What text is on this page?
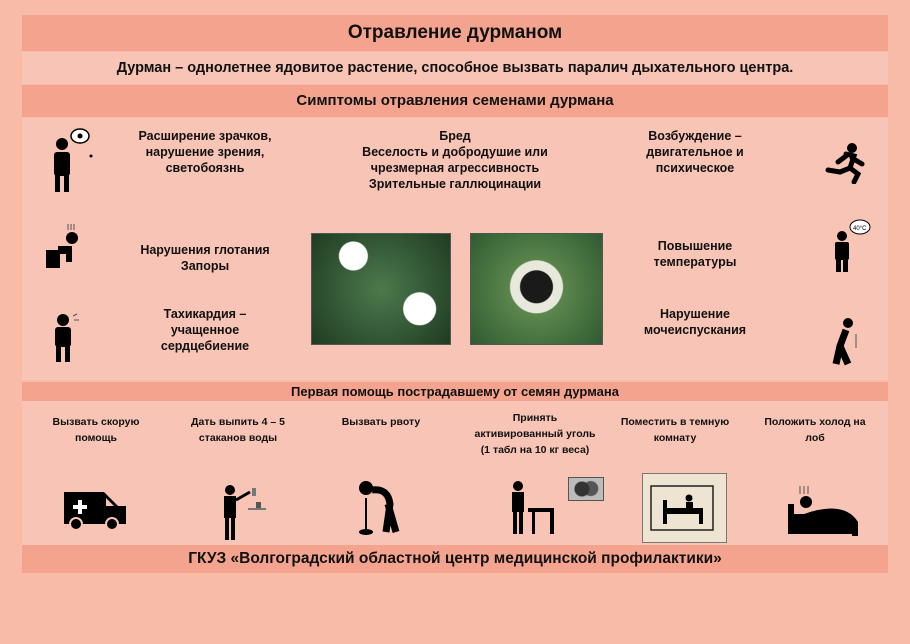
Отравление дурманом
Дурман – однолетнее ядовитое растение, способное вызвать паралич дыхательного центра.
Симптомы отравления семенами дурмана
Расширение зрачков,
нарушение зрения,
светобоязнь
Бред
Веселость и добродушие или
чрезмерная агрессивность
Зрительные галлюцинации
Возбуждение –
двигательное и
психическое
Нарушения глотания
Запоры
Повышение
температуры
40°C
Тахикардия –
учащенное
сердцебиение
Нарушение
мочеиспускания
Первая помощь пострадавшему от семян дурмана
Вызвать скорую
помощь
Дать выпить 4 – 5
стаканов воды
Вызвать рвоту	Принять
активированный уголь
(1 табл на 10 кг веса)
Поместить в темную
комнату
Положить холод на
лоб
ГКУЗ «Волгоградский областной центр медицинской профилактики»
